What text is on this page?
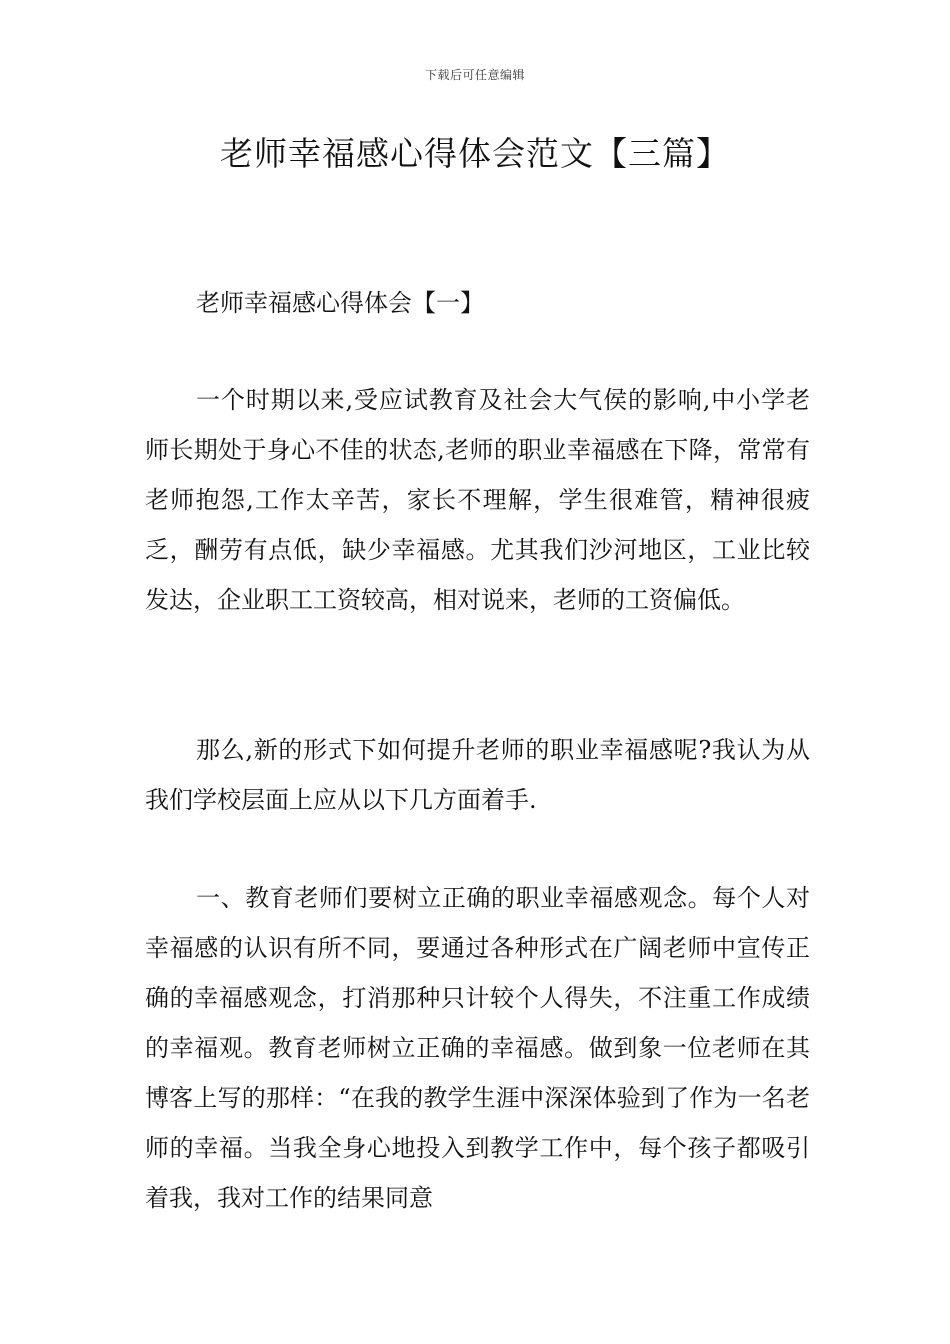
下载后可任意编辑
老师幸福感心得体会范文【三篇】
老师幸福感心得体会【一】

一个时期以来,受应试教育及社会大气侯的影响,中小学老师长期处于身心不佳的状态,老师的职业幸福感在下降，常常有老师抱怨,工作太辛苦，家长不理解，学生很难管，精神很疲乏，酬劳有点低，缺少幸福感。尤其我们沙河地区，工业比较发达，企业职工工资较高，相对说来，老师的工资偏低。

那么,新的形式下如何提升老师的职业幸福感呢?我认为从我们学校层面上应从以下几方面着手.

一、教育老师们要树立正确的职业幸福感观念。每个人对幸福感的认识有所不同，要通过各种形式在广阔老师中宣传正确的幸福感观念，打消那种只计较个人得失，不注重工作成绩的幸福观。教育老师树立正确的幸福感。做到象一位老师在其博客上写的那样：“在我的教学生涯中深深体验到了作为一名老师的幸福。当我全身心地投入到教学工作中，每个孩子都吸引着我，我对工作的结果同意
